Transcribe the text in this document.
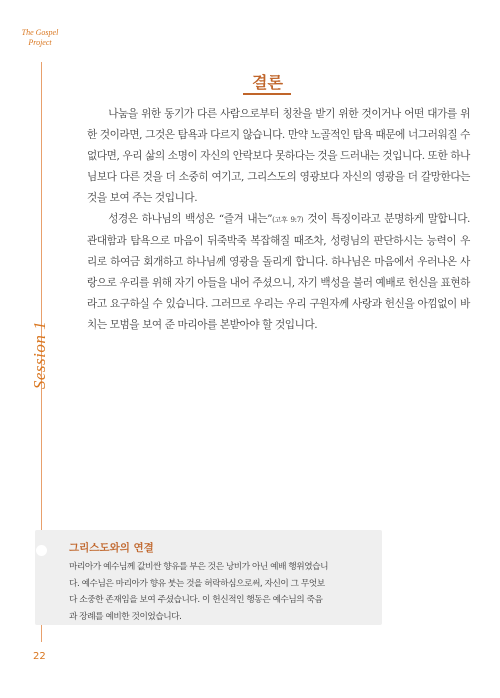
The Gospel
Project
Session 1
22
결론

나눔을 위한 동기가 다른 사람으로부터 칭찬을 받기 위한 것이거나 어떤 대가를 위한 것이라면, 그것은 탐욕과 다르지 않습니다. 만약 노골적인 탐욕 때문에 너그러워질 수 없다면, 우리 삶의 소명이 자신의 안락보다 못하다는 것을 드러내는 것입니다. 또한 하나님보다 다른 것을 더 소중히 여기고, 그리스도의 영광보다 자신의 영광을 더 갈망한다는 것을 보여 주는 것입니다.

성경은 하나님의 백성은 “즐겨 내는”(고후 9:7) 것이 특징이라고 분명하게 말합니다. 관대함과 탐욕으로 마음이 뒤죽박죽 복잡해질 때조차, 성령님의 판단하시는 능력이 우리로 하여금 회개하고 하나님께 영광을 돌리게 합니다. 하나님은 마음에서 우러나온 사랑으로 우리를 위해 자기 아들을 내어 주셨으니, 자기 백성을 불러 예배로 헌신을 표현하라고 요구하실 수 있습니다. 그러므로 우리는 우리 구원자께 사랑과 헌신을 아낌없이 바치는 모범을 보여 준 마리아를 본받아야 할 것입니다.

그리스도와의 연결

마리아가 예수님께 값비싼 향유를 부은 것은 낭비가 아닌 예배 행위였습니

다. 예수님은 마리아가 향유 붓는 것을 허락하심으로써, 자신이 그 무엇보

다 소중한 존재임을 보여 주셨습니다. 이 헌신적인 행동은 예수님의 죽음

과 장례를 예비한 것이었습니다.
